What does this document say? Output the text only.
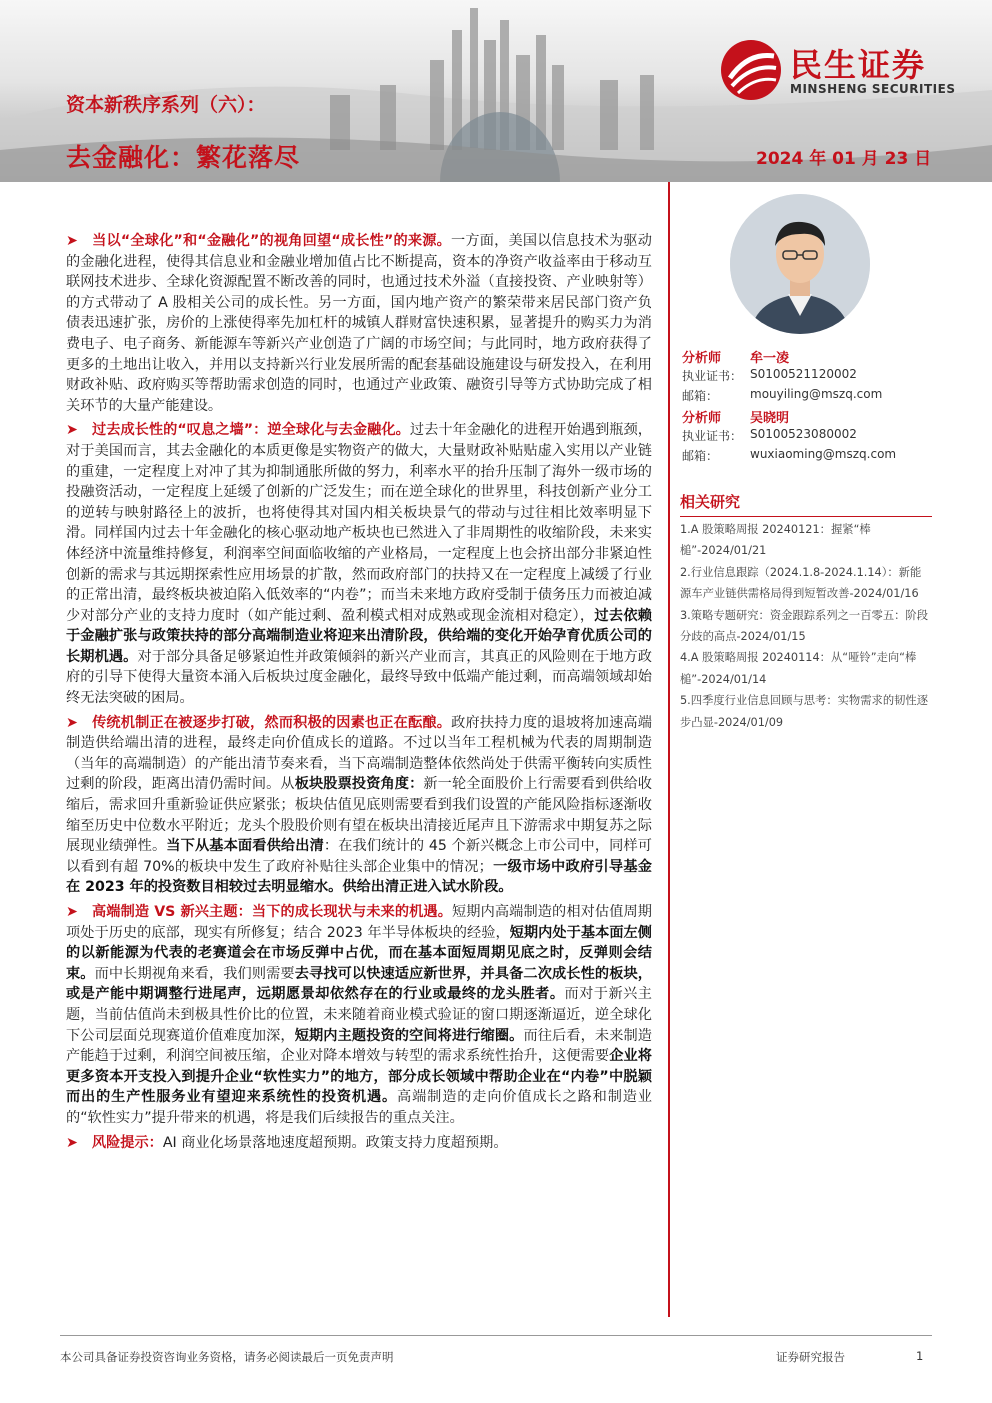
民生证券
MINSHENG SECURITIES
资本新秩序系列（六）：
去金融化：繁花落尽	2024 年 01 月 23 日

➤ 当以“全球化”和“金融化”的视角回望“成长性”的来源。一方面，美国以信息技术为驱动的金融化进程，使得其信息业和金融业增加值占比不断提高，资本的净资产收益率由于移动互联网技术进步、全球化资源配置不断改善的同时，也通过技术外溢（直接投资、产业映射等）的方式带动了 A 股相关公司的成长性。另一方面，国内地产资产的繁荣带来居民部门资产负债表迅速扩张，房价的上涨使得率先加杠杆的城镇人群财富快速积累，显著提升的购买力为消费电子、电子商务、新能源车等新兴产业创造了广阔的市场空间；与此同时，地方政府获得了更多的土地出让收入，并用以支持新兴行业发展所需的配套基础设施建设与研发投入，在利用财政补贴、政府购买等帮助需求创造的同时，也通过产业政策、融资引导等方式协助完成了相关环节的大量产能建设。

➤ 过去成长性的“叹息之墙”：逆全球化与去金融化。过去十年金融化的进程开始遇到瓶颈，对于美国而言，其去金融化的本质更像是实物资产的做大，大量财政补贴贴虚入实用以产业链的重建，一定程度上对冲了其为抑制通胀所做的努力，利率水平的抬升压制了海外一级市场的投融资活动，一定程度上延缓了创新的广泛发生；而在逆全球化的世界里，科技创新产业分工的逆转与映射路径上的波折，也将使得其对国内相关板块景气的带动与过往相比效率明显下滑。同样国内过去十年金融化的核心驱动地产板块也已然进入了非周期性的收缩阶段，未来实体经济中流量维持修复，利润率空间面临收缩的产业格局，一定程度上也会挤出部分非紧迫性创新的需求与其远期探索性应用场景的扩散，然而政府部门的扶持又在一定程度上减缓了行业的正常出清，最终板块被迫陷入低效率的“内卷”；而当未来地方政府受制于债务压力而被迫减少对部分产业的支持力度时（如产能过剩、盈利模式相对成熟或现金流相对稳定），过去依赖于金融扩张与政策扶持的部分高端制造业将迎来出清阶段，供给端的变化开始孕育优质公司的长期机遇。对于部分具备足够紧迫性并政策倾斜的新兴产业而言，其真正的风险则在于地方政府的引导下使得大量资本涌入后板块过度金融化，最终导致中低端产能过剩，而高端领域却始终无法突破的困局。

➤ 传统机制正在被逐步打破，然而积极的因素也正在酝酿。政府扶持力度的退坡将加速高端制造供给端出清的进程，最终走向价值成长的道路。不过以当年工程机械为代表的周期制造（当年的高端制造）的产能出清节奏来看，当下高端制造整体依然尚处于供需平衡转向实质性过剩的阶段，距离出清仍需时间。从板块股票投资角度：新一轮全面股价上行需要看到供给收缩后，需求回升重新验证供应紧张；板块估值见底则需要看到我们设置的产能风险指标逐渐收缩至历史中位数水平附近；龙头个股股价则有望在板块出清接近尾声且下游需求中期复苏之际展现业绩弹性。当下从基本面看供给出清：在我们统计的 45 个新兴概念上市公司中，同样可以看到有超 70%的板块中发生了政府补贴往头部企业集中的情况；一级市场中政府引导基金在 2023 年的投资数目相较过去明显缩水。供给出清正进入试水阶段。

➤ 高端制造 VS 新兴主题：当下的成长现状与未来的机遇。短期内高端制造的相对估值周期项处于历史的底部，现实有所修复；结合 2023 年半导体板块的经验，短期内处于基本面左侧的以新能源为代表的老赛道会在市场反弹中占优，而在基本面短周期见底之时，反弹则会结束。而中长期视角来看，我们则需要去寻找可以快速适应新世界，并具备二次成长性的板块，或是产能中期调整行进尾声，远期愿景却依然存在的行业或最终的龙头胜者。而对于新兴主题，当前估值尚未到极具性价比的位置，未来随着商业模式验证的窗口期逐渐逼近，逆全球化下公司层面兑现赛道价值难度加深，短期内主题投资的空间将进行缩圈。而往后看，未来制造产能趋于过剩，利润空间被压缩，企业对降本增效与转型的需求系统性抬升，这便需要企业将更多资本开支投入到提升企业“软性实力”的地方，部分成长领域中帮助企业在“内卷”中脱颖而出的生产性服务业有望迎来系统性的投资机遇。高端制造的走向价值成长之路和制造业的“软性实力”提升带来的机遇，将是我们后续报告的重点关注。

➤ 风险提示：AI 商业化场景落地速度超预期。政策支持力度超预期。

分析师 牟一凌
执业证书： S0100521120002
邮箱：	mouyiling@mszq.com
分析师 吴晓明
执业证书： S0100523080002
邮箱：	wuxiaoming@mszq.com
相关研究
1.A 股策略周报 20240121：握紧“棒槌”-2024/01/21
2.行业信息跟踪（2024.1.8-2024.1.14）：新能源车产业链供需格局得到短暂改善-2024/01/16
3.策略专题研究：资金跟踪系列之一百零五：阶段分歧的高点-2024/01/15
4.A 股策略周报 20240114：从“哑铃”走向“棒槌”-2024/01/14
5.四季度行业信息回顾与思考：实物需求的韧性逐步凸显-2024/01/09
本公司具备证券投资咨询业务资格，请务必阅读最后一页免责声明	证券研究报告	1
